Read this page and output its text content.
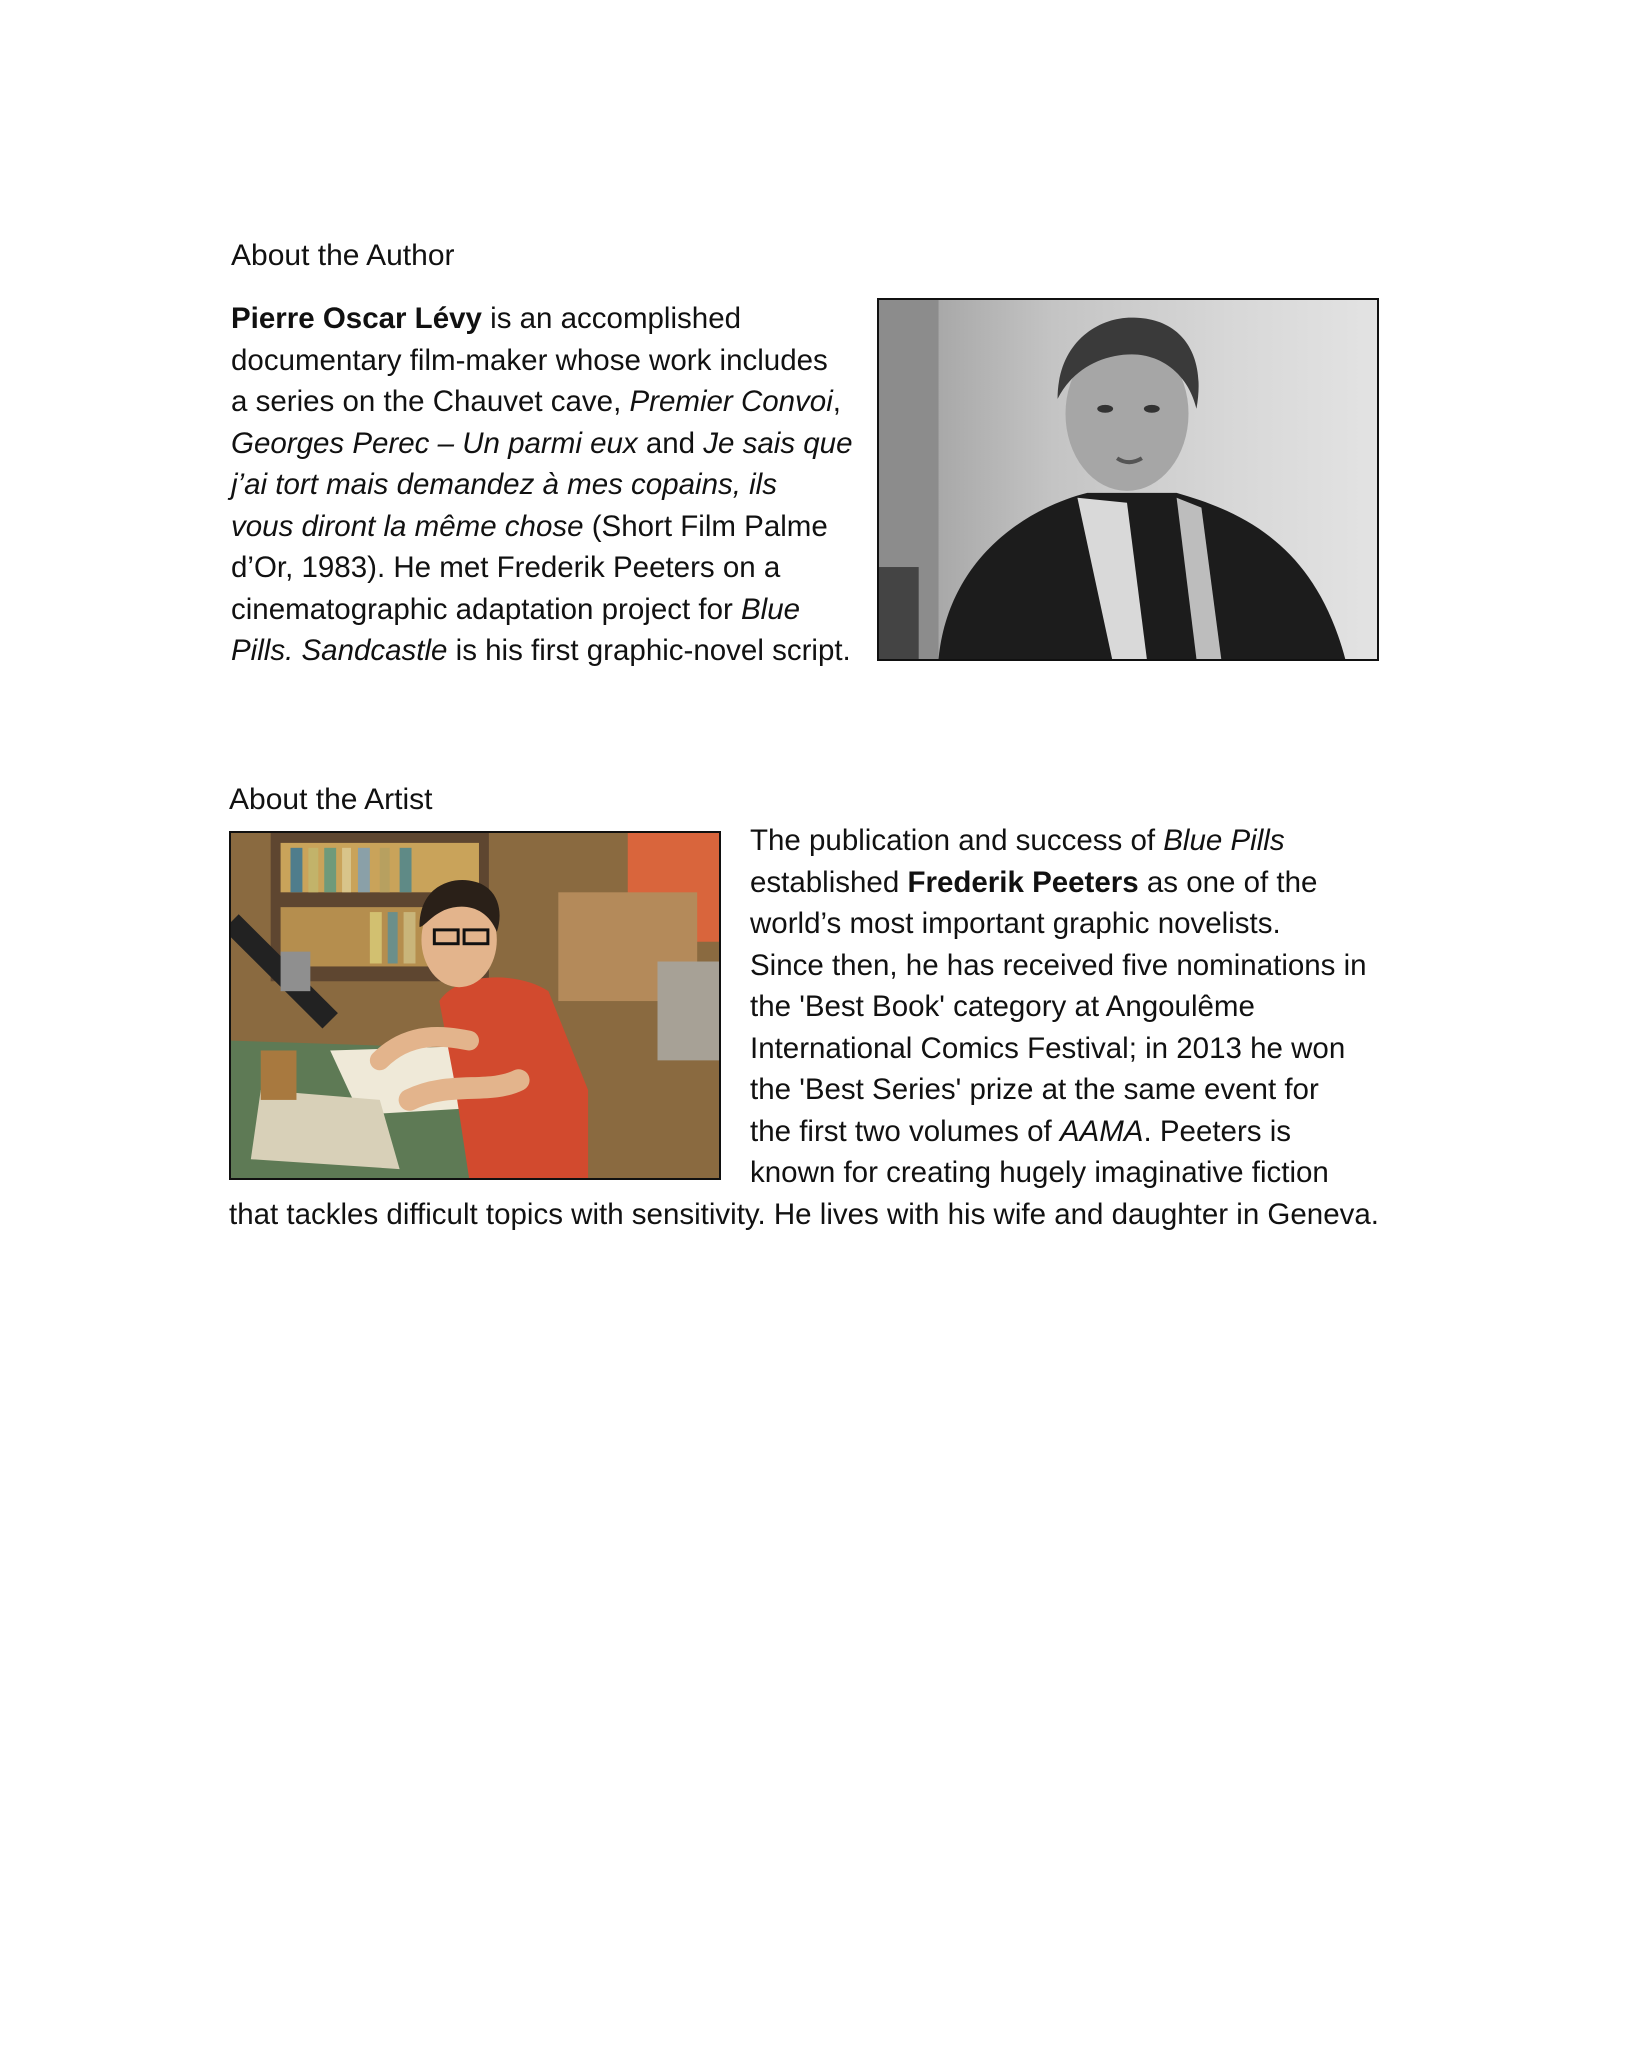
About the Author
Pierre Oscar Lévy is an accomplished
documentary film-maker whose work includes
a series on the Chauvet cave, Premier Convoi,
Georges Perec – Un parmi eux and Je sais que
j’ai tort mais demandez à mes copains, ils
vous diront la même chose (Short Film Palme
d’Or, 1983). He met Frederik Peeters on a
cinematographic adaptation project for Blue
Pills. Sandcastle is his first graphic-novel script.
About the Artist
The publication and success of Blue Pills
established Frederik Peeters as one of the
world’s most important graphic novelists.
Since then, he has received five nominations in
the 'Best Book' category at Angoulême
International Comics Festival; in 2013 he won
the 'Best Series' prize at the same event for
the first two volumes of AAMA. Peeters is
known for creating hugely imaginative fiction
that tackles difficult topics with sensitivity. He lives with his wife and daughter in Geneva.
